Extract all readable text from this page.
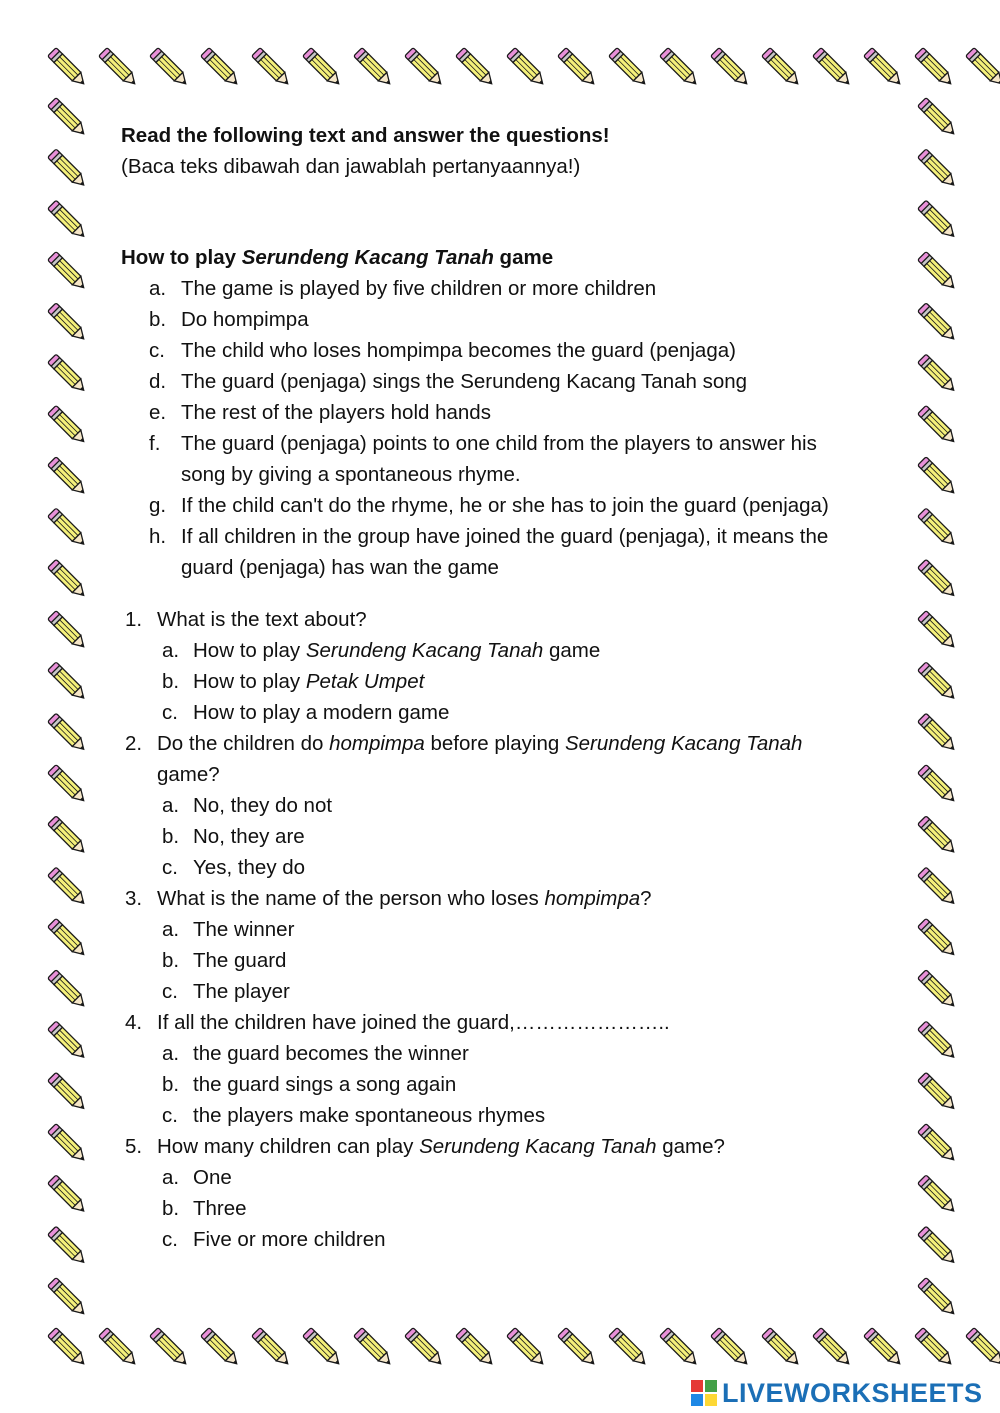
Read the following text and answer the questions!
(Baca teks dibawah dan jawablah pertanyaannya!)
How to play Serundeng Kacang Tanah game
a. The game is played by five children or more children
b. Do hompimpa
c. The child who loses hompimpa becomes the guard (penjaga)
d. The guard (penjaga) sings the Serundeng Kacang Tanah song
e. The rest of the players hold hands
f. The guard (penjaga) points to one child from the players to answer his
song by giving a spontaneous rhyme.
g. If the child can't do the rhyme, he or she has to join the guard (penjaga)
h. If all children in the group have joined the guard (penjaga), it means the
guard (penjaga) has wan the game
1. What is the text about?
a. How to play Serundeng Kacang Tanah game
b. How to play Petak Umpet
c. How to play a modern game
2. Do the children do hompimpa before playing Serundeng Kacang Tanah
game?
a. No, they do not
b. No, they are
c. Yes, they do
3. What is the name of the person who loses hompimpa?
a. The winner
b. The guard
c. The player
4. If all the children have joined the guard,…………………..
a. the guard becomes the winner
b. the guard sings a song again
c. the players make spontaneous rhymes
5. How many children can play Serundeng Kacang Tanah game?
a. One
b. Three
c. Five or more children
LIVEWORKSHEETS
